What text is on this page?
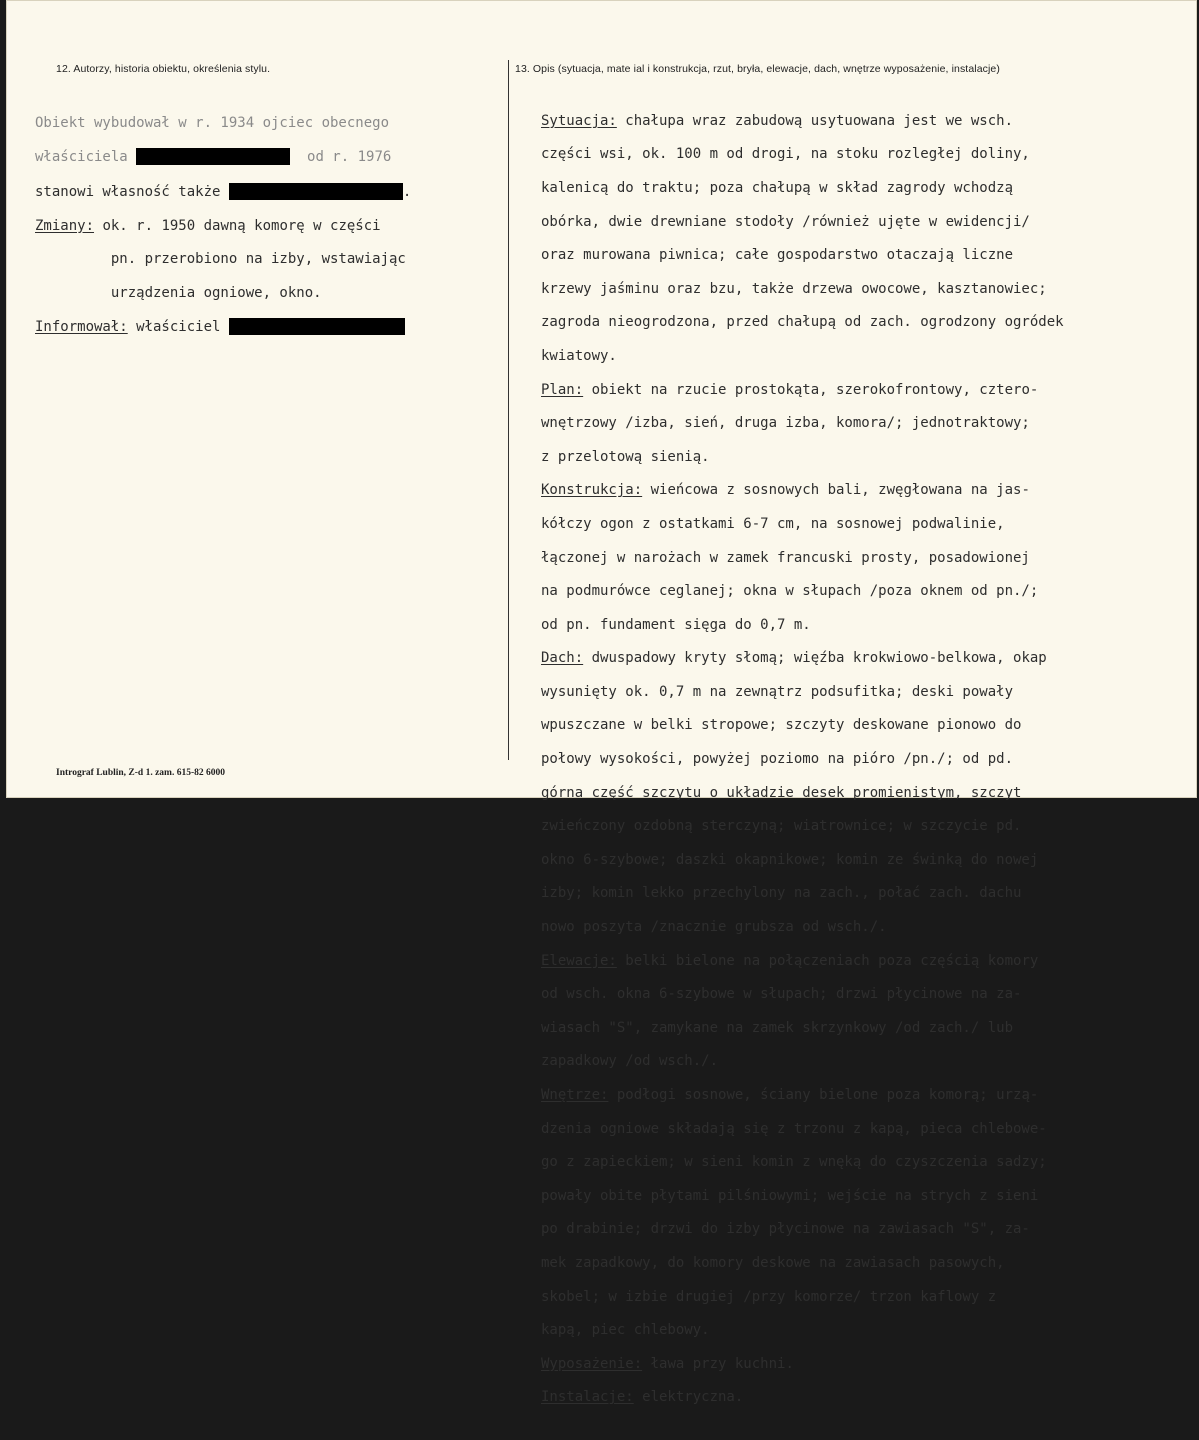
12. Autorzy, historia obiektu, określenia stylu.	13. Opis (sytuacja, mate ial i konstrukcja, rzut, bryła, elewacje, dach, wnętrze wyposażenie, instalacje)

Obiekt wybudował w r. 1934 ojciec obecnego

właściciela	od r. 1976

stanowi własność także	.

Zmiany: ok. r. 1950 dawną komorę w części

pn. przerobiono na izby, wstawiając

urządzenia ogniowe, okno.

Informował: właściciel

Sytuacja: chałupa wraz zabudową usytuowana jest we wsch.

części wsi, ok. 100 m od drogi, na stoku rozległej doliny,

kalenicą do traktu; poza chałupą w skład zagrody wchodzą

obórka, dwie drewniane stodoły /również ujęte w ewidencji/

oraz murowana piwnica; całe gospodarstwo otaczają liczne

krzewy jaśminu oraz bzu, także drzewa owocowe, kasztanowiec;

zagroda nieogrodzona, przed chałupą od zach. ogrodzony ogródek

kwiatowy.

Plan: obiekt na rzucie prostokąta, szerokofrontowy, cztero-

wnętrzowy /izba, sień, druga izba, komora/; jednotraktowy;

z przelotową sienią.

Konstrukcja: wieńcowa z sosnowych bali, zwęgłowana na jas-

kółczy ogon z ostatkami 6-7 cm, na sosnowej podwalinie,

łączonej w narożach w zamek francuski prosty, posadowionej

na podmurówce ceglanej; okna w słupach /poza oknem od pn./;

od pn. fundament sięga do 0,7 m.

Dach: dwuspadowy kryty słomą; więźba krokwiowo-belkowa, okap

wysunięty ok. 0,7 m na zewnątrz podsufitka; deski powały

wpuszczane w belki stropowe; szczyty deskowane pionowo do

połowy wysokości, powyżej poziomo na pióro /pn./; od pd.

górna część szczytu o układzie desek promienistym, szczyt

zwieńczony ozdobną sterczyną; wiatrownice; w szczycie pd.

okno 6-szybowe; daszki okapnikowe; komin ze świnką do nowej

izby; komin lekko przechylony na zach., połać zach. dachu

nowo poszyta /znacznie grubsza od wsch./.

Elewacje: belki bielone na połączeniach poza częścią komory

od wsch. okna 6-szybowe w słupach; drzwi płycinowe na za-

wiasach "S", zamykane na zamek skrzynkowy /od zach./ lub

zapadkowy /od wsch./.

Wnętrze: podłogi sosnowe, ściany bielone poza komorą; urzą-

dzenia ogniowe składają się z trzonu z kapą, pieca chlebowe-

go z zapieckiem; w sieni komin z wnęką do czyszczenia sadzy;

powały obite płytami pilśniowymi; wejście na strych z sieni

po drabinie; drzwi do izby płycinowe na zawiasach "S", za-

mek zapadkowy, do komory deskowe na zawiasach pasowych,

skobel; w izbie drugiej /przy komorze/ trzon kaflowy z

kapą, piec chlebowy.

Wyposażenie: ława przy kuchni.

Instalacje: elektryczna.

Intrograf Lublin, Z-d 1. zam. 615-82 6000
